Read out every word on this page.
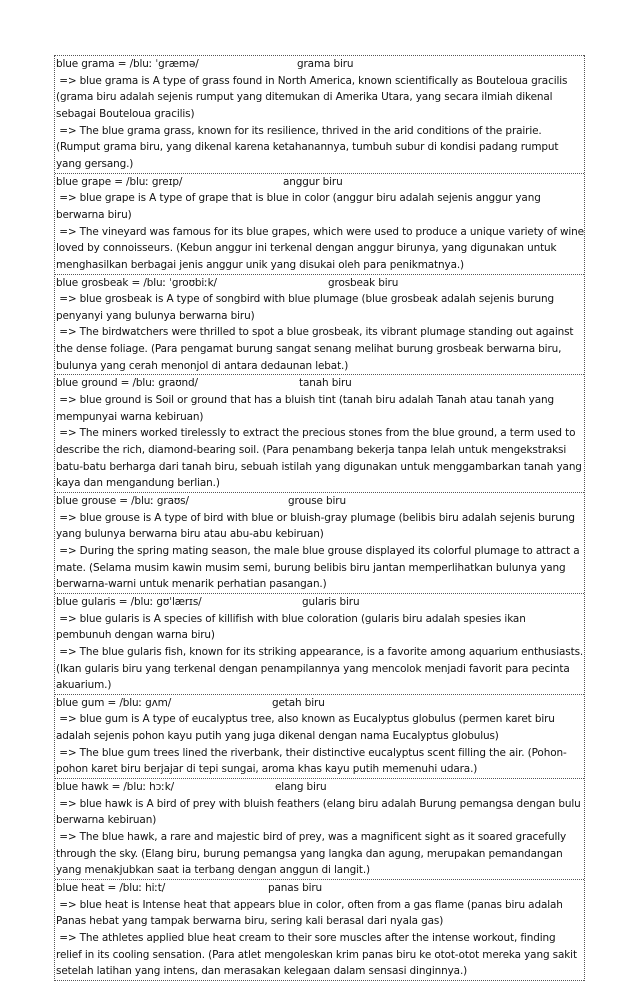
blue grama = /bluː ˈgræmə/	grama biru
=> blue grama is A type of grass found in North America, known scientifically as Bouteloua gracilis (grama biru adalah sejenis rumput yang ditemukan di Amerika Utara, yang secara ilmiah dikenal sebagai Bouteloua gracilis)
=> The blue grama grass, known for its resilience, thrived in the arid conditions of the prairie. (Rumput grama biru, yang dikenal karena ketahanannya, tumbuh subur di kondisi padang rumput yang gersang.)
blue grape = /bluː greɪp/	anggur biru
=> blue grape is A type of grape that is blue in color (anggur biru adalah sejenis anggur yang berwarna biru)
=> The vineyard was famous for its blue grapes, which were used to produce a unique variety of wine loved by connoisseurs. (Kebun anggur ini terkenal dengan anggur birunya, yang digunakan untuk menghasilkan berbagai jenis anggur unik yang disukai oleh para penikmatnya.)
blue grosbeak = /bluː ˈgroʊbiːk/	grosbeak biru
=> blue grosbeak is A type of songbird with blue plumage (blue grosbeak adalah sejenis burung penyanyi yang bulunya berwarna biru)
=> The birdwatchers were thrilled to spot a blue grosbeak, its vibrant plumage standing out against the dense foliage. (Para pengamat burung sangat senang melihat burung grosbeak berwarna biru, bulunya yang cerah menonjol di antara dedaunan lebat.)
blue ground = /bluː graʊnd/	tanah biru
=> blue ground is Soil or ground that has a bluish tint (tanah biru adalah Tanah atau tanah yang mempunyai warna kebiruan)
=> The miners worked tirelessly to extract the precious stones from the blue ground, a term used to describe the rich, diamond-bearing soil. (Para penambang bekerja tanpa lelah untuk mengekstraksi batu-batu berharga dari tanah biru, sebuah istilah yang digunakan untuk menggambarkan tanah yang kaya dan mengandung berlian.)
blue grouse = /bluː graʊs/	grouse biru
=> blue grouse is A type of bird with blue or bluish-gray plumage (belibis biru adalah sejenis burung yang bulunya berwarna biru atau abu-abu kebiruan)
=> During the spring mating season, the male blue grouse displayed its colorful plumage to attract a mate. (Selama musim kawin musim semi, burung belibis biru jantan memperlihatkan bulunya yang berwarna-warni untuk menarik perhatian pasangan.)
blue gularis = /bluː gʊˈlærɪs/	gularis biru
=> blue gularis is A species of killifish with blue coloration (gularis biru adalah spesies ikan pembunuh dengan warna biru)
=> The blue gularis fish, known for its striking appearance, is a favorite among aquarium enthusiasts. (Ikan gularis biru yang terkenal dengan penampilannya yang mencolok menjadi favorit para pecinta akuarium.)
blue gum = /bluː gʌm/	getah biru
=> blue gum is A type of eucalyptus tree, also known as Eucalyptus globulus (permen karet biru adalah sejenis pohon kayu putih yang juga dikenal dengan nama Eucalyptus globulus)
=> The blue gum trees lined the riverbank, their distinctive eucalyptus scent filling the air. (Pohon-pohon karet biru berjajar di tepi sungai, aroma khas kayu putih memenuhi udara.)
blue hawk = /bluː hɔːk/	elang biru
=> blue hawk is A bird of prey with bluish feathers (elang biru adalah Burung pemangsa dengan bulu berwarna kebiruan)
=> The blue hawk, a rare and majestic bird of prey, was a magnificent sight as it soared gracefully through the sky. (Elang biru, burung pemangsa yang langka dan agung, merupakan pemandangan yang menakjubkan saat ia terbang dengan anggun di langit.)
blue heat = /bluː hiːt/	panas biru
=> blue heat is Intense heat that appears blue in color, often from a gas flame (panas biru adalah Panas hebat yang tampak berwarna biru, sering kali berasal dari nyala gas)
=> The athletes applied blue heat cream to their sore muscles after the intense workout, finding relief in its cooling sensation. (Para atlet mengoleskan krim panas biru ke otot-otot mereka yang sakit setelah latihan yang intens, dan merasakan kelegaan dalam sensasi dinginnya.)
